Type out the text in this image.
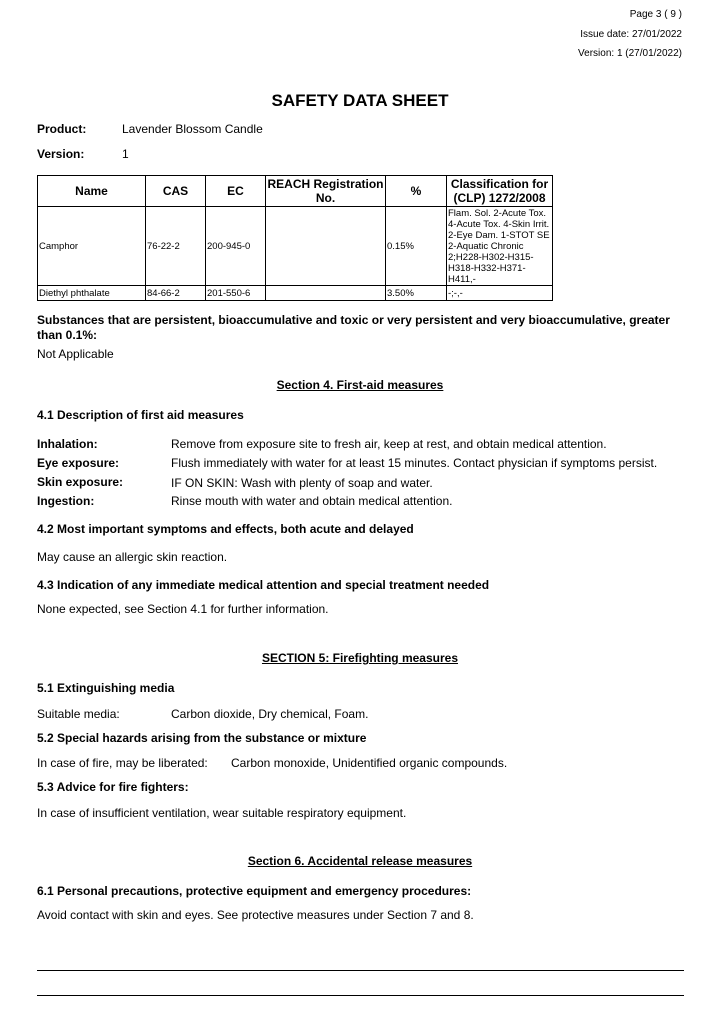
Page 3 ( 9 )
Issue date: 27/01/2022
Version: 1 (27/01/2022)
SAFETY DATA SHEET
Product:	Lavender Blossom Candle
Version:	1
Name	CAS	EC	REACH Registration No.	%	Classification for (CLP) 1272/2008
Camphor	76-22-2	200-945-0		0.15%	Flam. Sol. 2-Acute Tox. 4-Acute Tox. 4-Skin Irrit. 2-Eye Dam. 1-STOT SE 2-Aquatic Chronic 2;H228-H302-H315-H318-H332-H371-H411,-
Diethyl phthalate	84-66-2	201-550-6		3.50%	-;-,-
Substances that are persistent, bioaccumulative and toxic or very persistent and very bioaccumulative, greater than 0.1%:
Not Applicable
Section 4. First-aid measures
4.1 Description of first aid measures
Inhalation:	Remove from exposure site to fresh air, keep at rest, and obtain medical attention.
Eye exposure:	Flush immediately with water for at least 15 minutes. Contact physician if symptoms persist.
Skin exposure:	IF ON SKIN: Wash with plenty of soap and water.
Ingestion:	Rinse mouth with water and obtain medical attention.
4.2 Most important symptoms and effects, both acute and delayed
May cause an allergic skin reaction.
4.3 Indication of any immediate medical attention and special treatment needed
None expected, see Section 4.1 for further information.
SECTION 5: Firefighting measures
5.1 Extinguishing media
Suitable media:	Carbon dioxide, Dry chemical, Foam.
5.2 Special hazards arising from the substance or mixture
In case of fire, may be liberated: Carbon monoxide, Unidentified organic compounds.
5.3 Advice for fire fighters:
In case of insufficient ventilation, wear suitable respiratory equipment.
Section 6. Accidental release measures
6.1 Personal precautions, protective equipment and emergency procedures:
Avoid contact with skin and eyes. See protective measures under Section 7 and 8.
